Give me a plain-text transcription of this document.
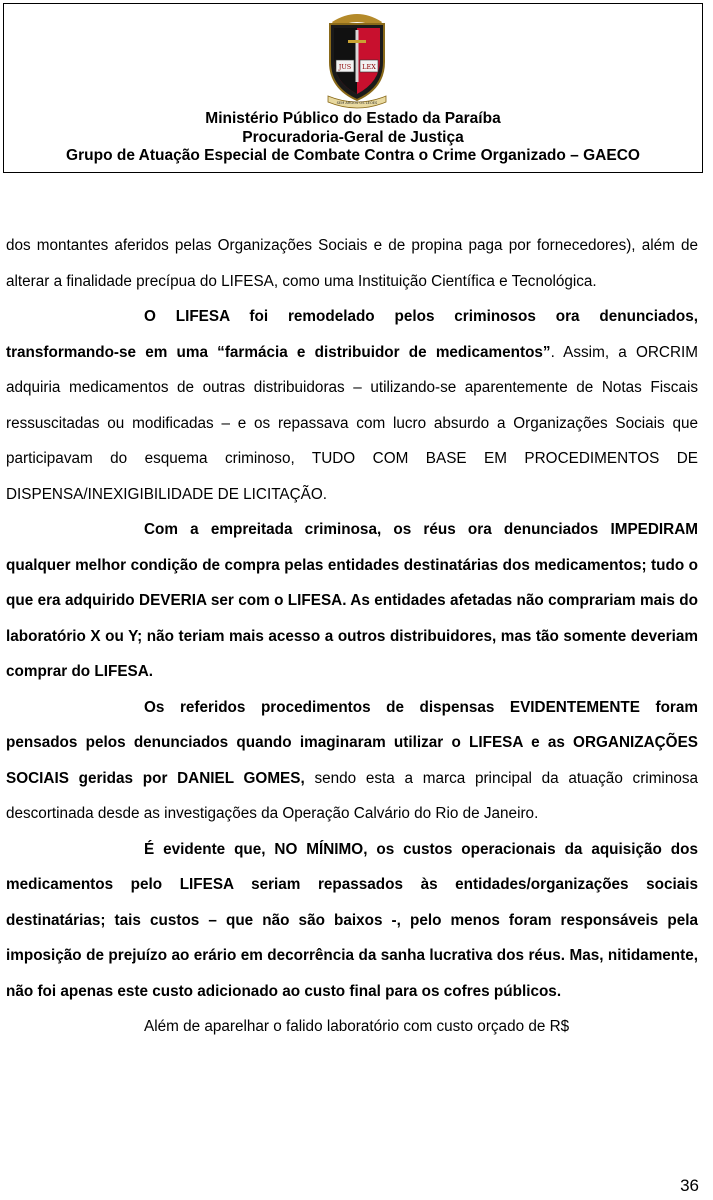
JUS LEX
SEM ARGOS OS LEÕES
Ministério Público do Estado da Paraíba
Procuradoria-Geral de Justiça
Grupo de Atuação Especial de Combate Contra o Crime Organizado – GAECO

dos montantes aferidos pelas Organizações Sociais e de propina paga por fornecedores), além de alterar a finalidade precípua do LIFESA, como uma Instituição Científica e Tecnológica.

O LIFESA foi remodelado pelos criminosos ora denunciados, transformando-se em uma “farmácia e distribuidor de medicamentos”. Assim, a ORCRIM adquiria medicamentos de outras distribuidoras – utilizando-se aparentemente de Notas Fiscais ressuscitadas ou modificadas – e os repassava com lucro absurdo a Organizações Sociais que participavam do esquema criminoso, TUDO COM BASE EM PROCEDIMENTOS DE DISPENSA/INEXIGIBILIDADE DE LICITAÇÃO.

Com a empreitada criminosa, os réus ora denunciados IMPEDIRAM qualquer melhor condição de compra pelas entidades destinatárias dos medicamentos; tudo o que era adquirido DEVERIA ser com o LIFESA. As entidades afetadas não comprariam mais do laboratório X ou Y; não teriam mais acesso a outros distribuidores, mas tão somente deveriam comprar do LIFESA.

Os referidos procedimentos de dispensas EVIDENTEMENTE foram pensados pelos denunciados quando imaginaram utilizar o LIFESA e as ORGANIZAÇÕES SOCIAIS geridas por DANIEL GOMES, sendo esta a marca principal da atuação criminosa descortinada desde as investigações da Operação Calvário do Rio de Janeiro.

É evidente que, NO MÍNIMO, os custos operacionais da aquisição dos medicamentos pelo LIFESA seriam repassados às entidades/organizações sociais destinatárias; tais custos – que não são baixos -, pelo menos foram responsáveis pela imposição de prejuízo ao erário em decorrência da sanha lucrativa dos réus. Mas, nitidamente, não foi apenas este custo adicionado ao custo final para os cofres públicos.

Além de aparelhar o falido laboratório com custo orçado de R$

36
